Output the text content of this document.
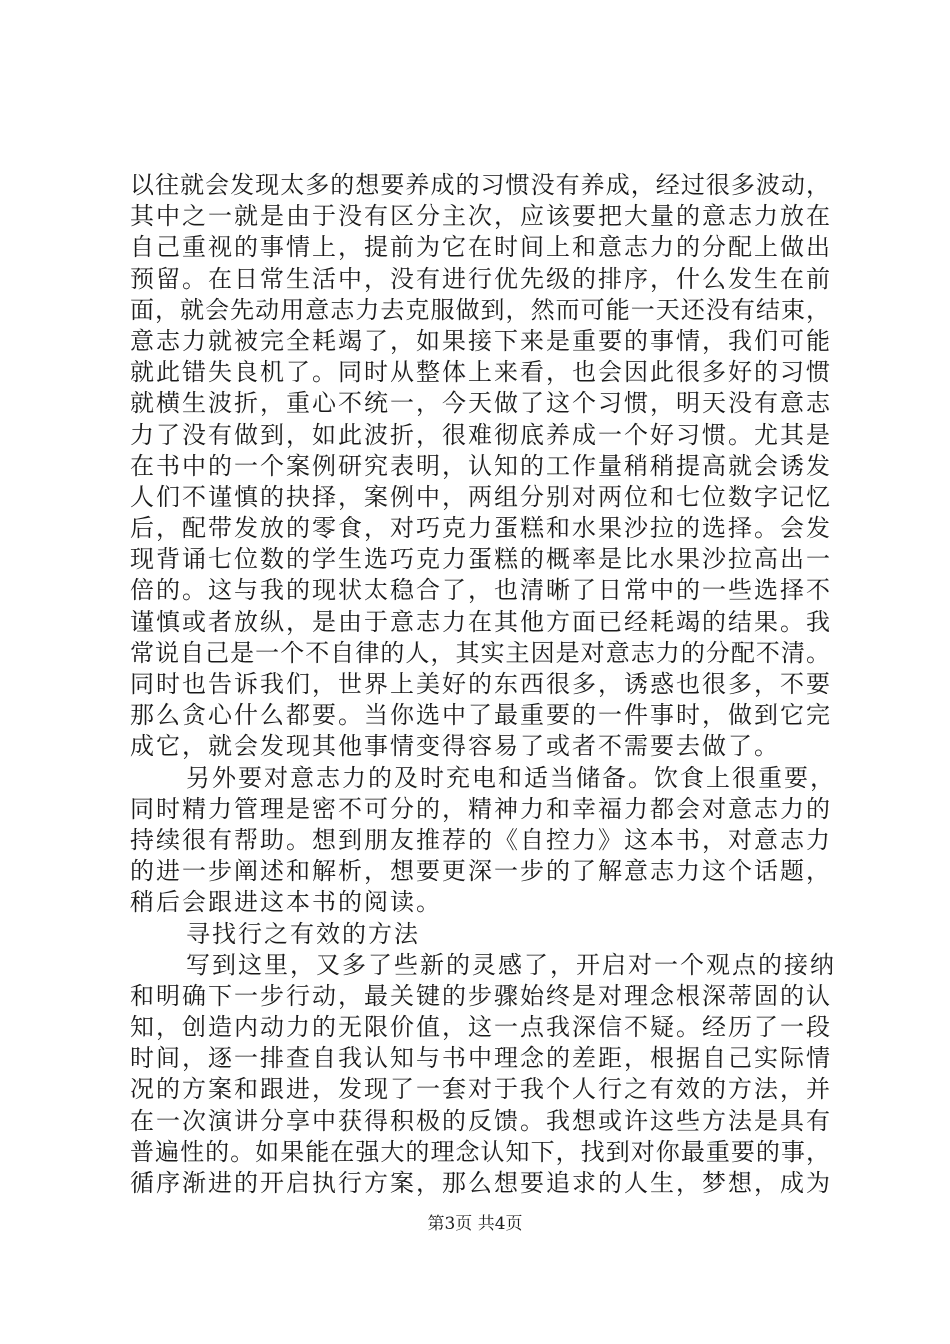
以往就会发现太多的想要养成的习惯没有养成，经过很多波动，
其中之一就是由于没有区分主次，应该要把大量的意志力放在
自己重视的事情上，提前为它在时间上和意志力的分配上做出
预留。在日常生活中，没有进行优先级的排序，什么发生在前
面，就会先动用意志力去克服做到，然而可能一天还没有结束，
意志力就被完全耗竭了，如果接下来是重要的事情，我们可能
就此错失良机了。同时从整体上来看，也会因此很多好的习惯
就横生波折，重心不统一，今天做了这个习惯，明天没有意志
力了没有做到，如此波折，很难彻底养成一个好习惯。尤其是
在书中的一个案例研究表明，认知的工作量稍稍提高就会诱发
人们不谨慎的抉择，案例中，两组分别对两位和七位数字记忆
后，配带发放的零食，对巧克力蛋糕和水果沙拉的选择。会发
现背诵七位数的学生选巧克力蛋糕的概率是比水果沙拉高出一
倍的。这与我的现状太稳合了，也清晰了日常中的一些选择不
谨慎或者放纵，是由于意志力在其他方面已经耗竭的结果。我
常说自己是一个不自律的人，其实主因是对意志力的分配不清。
同时也告诉我们，世界上美好的东西很多，诱惑也很多，不要
那么贪心什么都要。当你选中了最重要的一件事时，做到它完
成它，就会发现其他事情变得容易了或者不需要去做了。
另外要对意志力的及时充电和适当储备。饮食上很重要，
同时精力管理是密不可分的，精神力和幸福力都会对意志力的
持续很有帮助。想到朋友推荐的《自控力》这本书，对意志力
的进一步阐述和解析，想要更深一步的了解意志力这个话题，
稍后会跟进这本书的阅读。
寻找行之有效的方法
写到这里，又多了些新的灵感了，开启对一个观点的接纳
和明确下一步行动，最关键的步骤始终是对理念根深蒂固的认
知，创造内动力的无限价值，这一点我深信不疑。经历了一段
时间，逐一排查自我认知与书中理念的差距，根据自己实际情
况的方案和跟进，发现了一套对于我个人行之有效的方法，并
在一次演讲分享中获得积极的反馈。我想或许这些方法是具有
普遍性的。如果能在强大的理念认知下，找到对你最重要的事，
循序渐进的开启执行方案，那么想要追求的人生，梦想，成为
第3页 共4页
